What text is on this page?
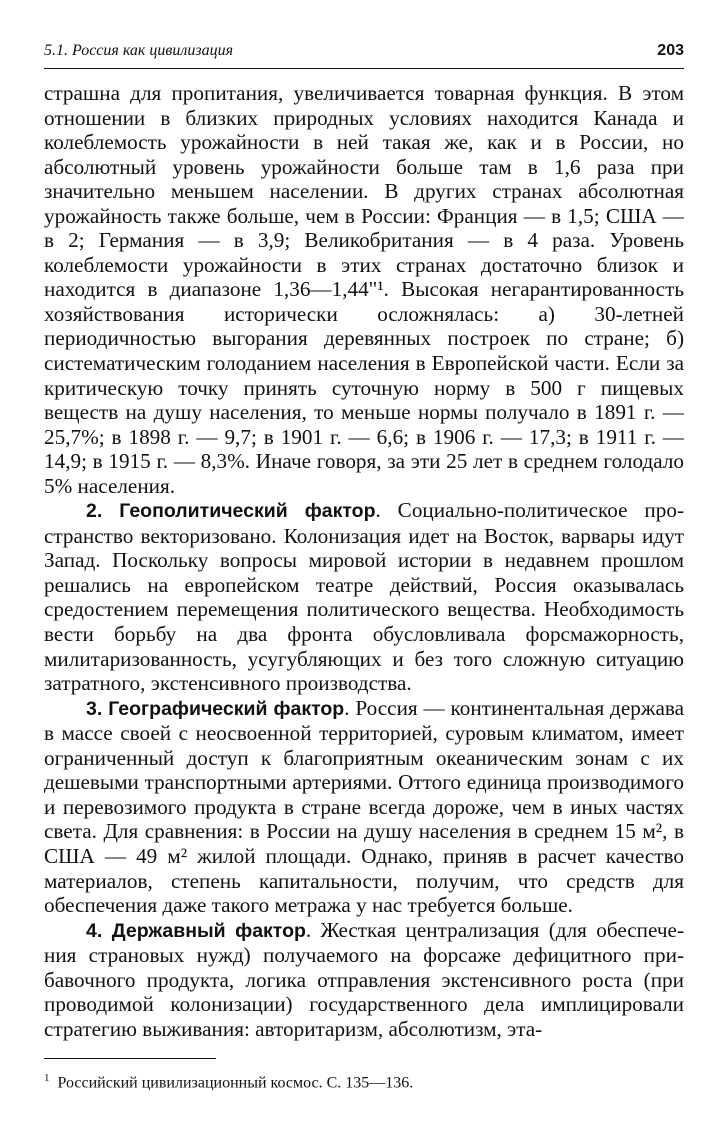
5.1. Россия как цивилизация	203

страшна для пропитания, увеличивается товарная функция. В этом отношении в близких природных условиях находится Канада и колеблемость урожайности в ней такая же, как и в России, но абсолютный уровень урожайности больше там в 1,6 раза при значительно меньшем населении. В других странах абсолютная урожайность также больше, чем в России: Франция — в 1,5; США — в 2; Германия — в 3,9; Великобритания — в 4 раза. Уровень колеблемости урожайности в этих странах достаточно близок и находится в диапазоне 1,36—1,44"¹. Высокая негарантированность хозяйствования исторически осложнялась: а) 30-летней периодичностью выгорания деревянных построек по стране; б) систематическим голоданием населения в Европейской части. Если за критическую точку принять суточную норму в 500 г пищевых веществ на душу населения, то меньше нормы получало в 1891 г. — 25,7%; в 1898 г. — 9,7; в 1901 г. — 6,6; в 1906 г. — 17,3; в 1911 г. — 14,9; в 1915 г. — 8,3%. Иначе говоря, за эти 25 лет в среднем голодало 5% населения.

2. Геополитический фактор. Социально-политическое пространство векторизовано. Колонизация идет на Восток, варвары идут Запад. Поскольку вопросы мировой истории в недавнем прошлом решались на европейском театре действий, Россия оказывалась средостением перемещения политического вещества. Необходимость вести борьбу на два фронта обусловливала форсмажорность, милитаризованность, усугубляющих и без того сложную ситуацию затратного, экстенсивного производства.

3. Географический фактор. Россия — континентальная держава в массе своей с неосвоенной территорией, суровым климатом, имеет ограниченный доступ к благоприятным океаническим зонам с их дешевыми транспортными артериями. Оттого единица производимого и перевозимого продукта в стране всегда дороже, чем в иных частях света. Для сравнения: в России на душу населения в среднем 15 м², в США — 49 м² жилой площади. Однако, приняв в расчет качество материалов, степень капитальности, получим, что средств для обеспечения даже такого метража у нас требуется больше.

4. Державный фактор. Жесткая централизация (для обеспечения страновых нужд) получаемого на форсаже дефицитного прибавочного продукта, логика отправления экстенсивного роста (при проводимой колонизации) государственного дела имплицировали стратегию выживания: авторитаризм, абсолютизм, эта-

$^1$ Российский цивилизационный космос. С. 135—136.
